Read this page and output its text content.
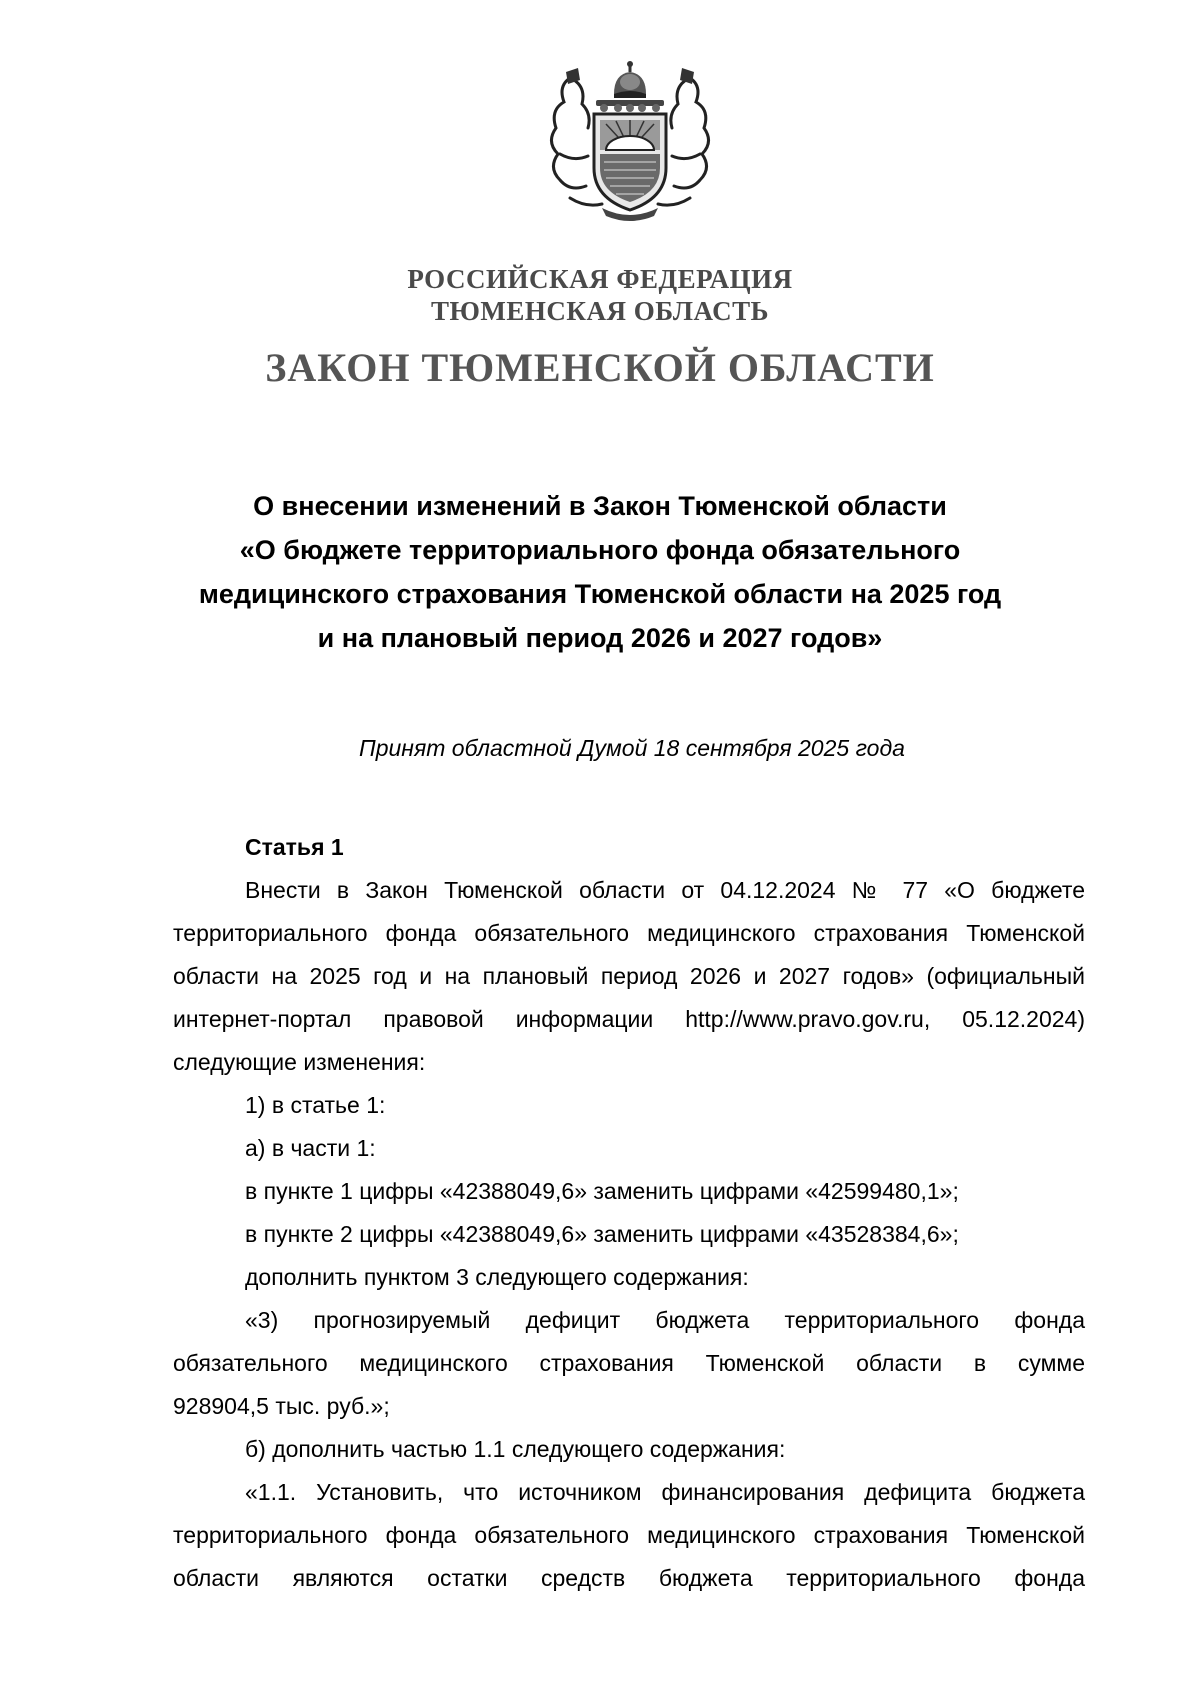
РОССИЙСКАЯ ФЕДЕРАЦИЯ
ТЮМЕНСКАЯ ОБЛАСТЬ
ЗАКОН ТЮМЕНСКОЙ ОБЛАСТИ
О внесении изменений в Закон Тюменской области
«О бюджете территориального фонда обязательного
медицинского страхования Тюменской области на 2025 год
и на плановый период 2026 и 2027 годов»
Принят областной Думой 18 сентября 2025 года
Статья 1
Внести в Закон Тюменской области от 04.12.2024 № 77 «О бюджете
территориального фонда обязательного медицинского страхования Тюменской
области на 2025 год и на плановый период 2026 и 2027 годов» (официальный
интернет-портал правовой информации http://www.pravo.gov.ru, 05.12.2024)
следующие изменения:
1) в статье 1:
а) в части 1:
в пункте 1 цифры «42388049,6» заменить цифрами «42599480,1»;
в пункте 2 цифры «42388049,6» заменить цифрами «43528384,6»;
дополнить пунктом 3 следующего содержания:
«3) прогнозируемый дефицит бюджета территориального фонда
обязательного медицинского страхования Тюменской области в сумме
928904,5 тыс. руб.»;
б) дополнить частью 1.1 следующего содержания:
«1.1. Установить, что источником финансирования дефицита бюджета
территориального фонда обязательного медицинского страхования Тюменской
области являются остатки средств бюджета территориального фонда
